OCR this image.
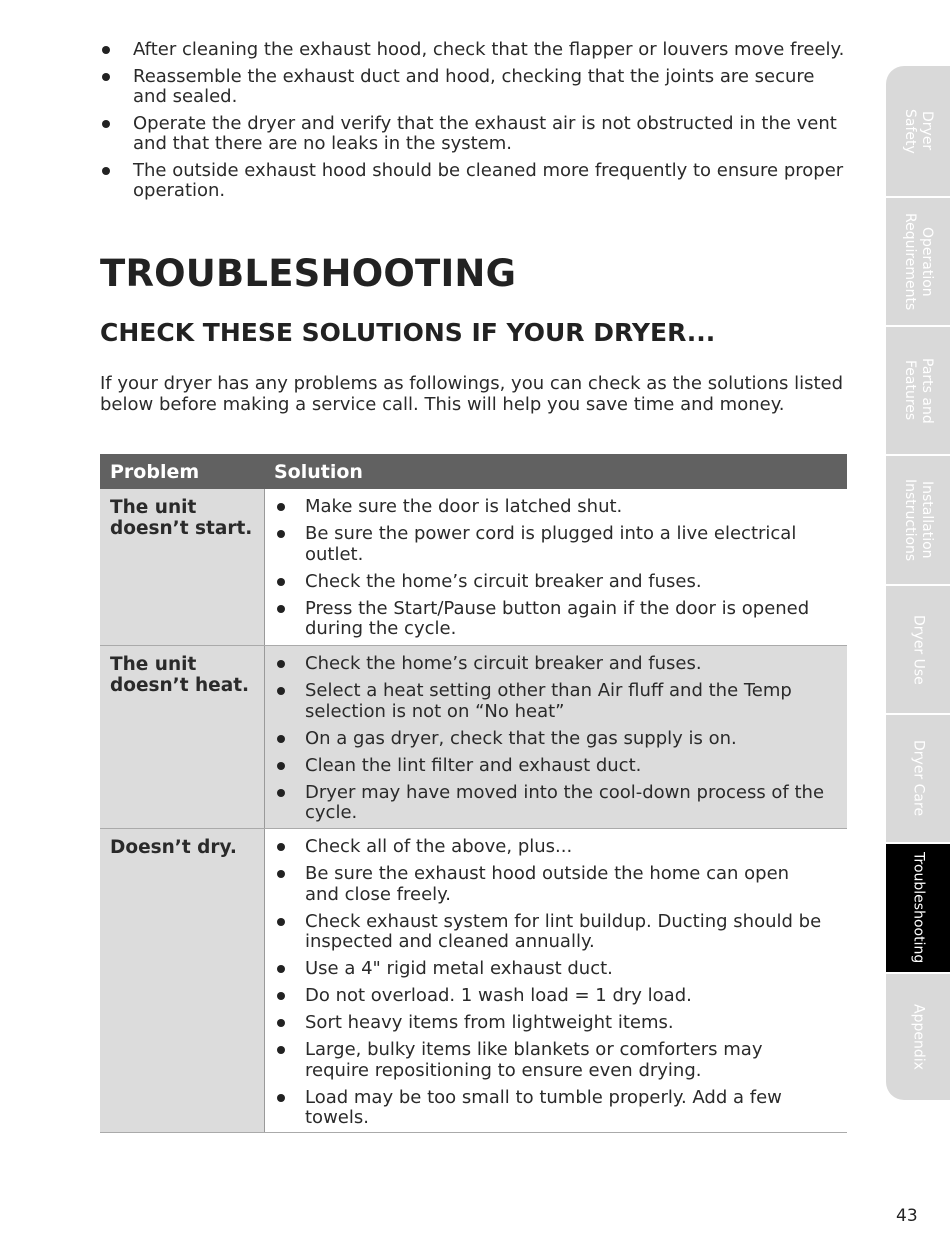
After cleaning the exhaust hood, check that the flapper or louvers move freely.
Reassemble the exhaust duct and hood, checking that the joints are secure and sealed.
Operate the dryer and verify that the exhaust air is not obstructed in the vent and that there are no leaks in the system.
The outside exhaust hood should be cleaned more frequently to ensure proper operation.
TROUBLESHOOTING
CHECK THESE SOLUTIONS IF YOUR DRYER...

If your dryer has any problems as followings, you can check as the solutions listed below before making a service call. This will help you save time and money.

Problem	Solution
The unit doesn’t start.
Make sure the door is latched shut.
Be sure the power cord is plugged into a live electrical outlet.
Check the home’s circuit breaker and fuses.
Press the Start/Pause button again if the door is opened during the cycle.
The unit doesn’t heat.
Check the home’s circuit breaker and fuses.
Select a heat setting other than Air fluff and the Temp selection is not on “No heat”
On a gas dryer, check that the gas supply is on.
Clean the lint filter and exhaust duct.
Dryer may have moved into the cool-down process of the cycle.
Doesn’t dry.	Check all of the above, plus...
Be sure the exhaust hood outside the home can open and close freely.
Check exhaust system for lint buildup. Ducting should be inspected and cleaned annually.
Use a 4" rigid metal exhaust duct.
Do not overload. 1 wash load = 1 dry load.
Sort heavy items from lightweight items.
Large, bulky items like blankets or comforters may require repositioning to ensure even drying.
Load may be too small to tumble properly. Add a few towels.
Dryer
Safety
Operation
Requirements
Parts and
Features
Installation
Instructions
Dryer Use
Dryer Care
Troubleshooting
Appendix
43
